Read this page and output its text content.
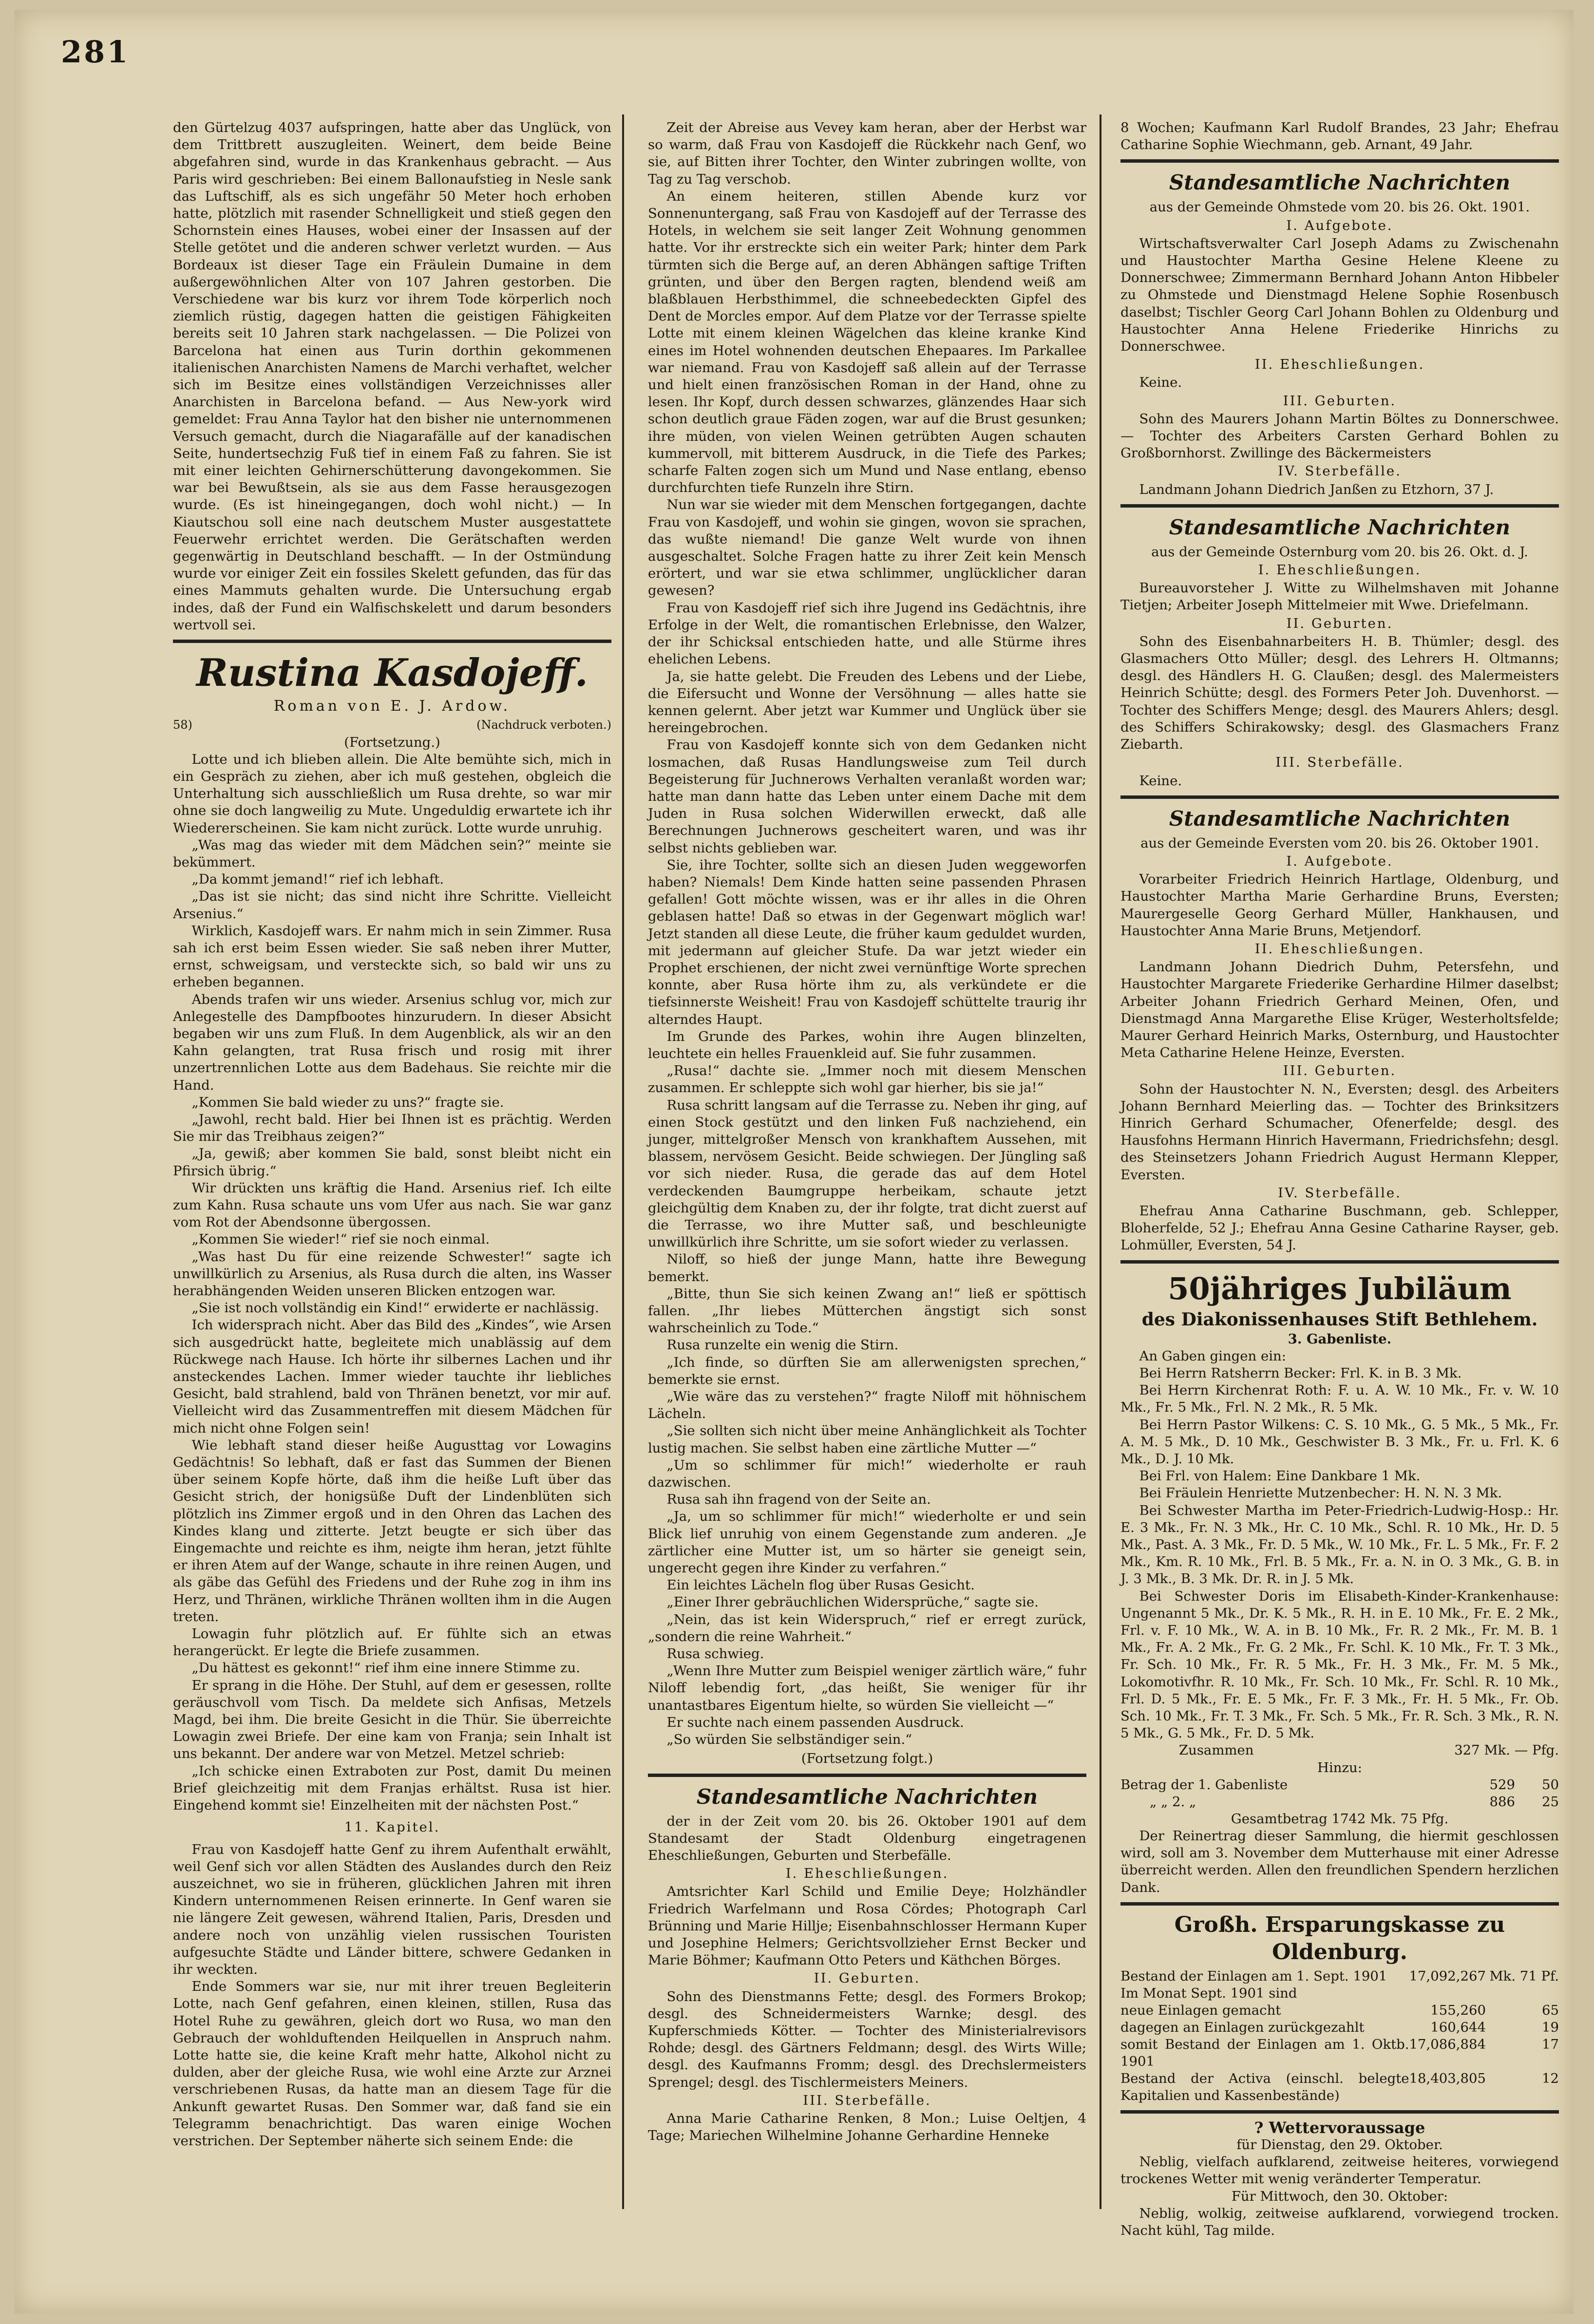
281

den Gürtelzug 4037 aufspringen, hatte aber das Unglück, von dem Trittbrett auszugleiten. Weinert, dem beide Beine abgefahren sind, wurde in das Krankenhaus gebracht. — Aus Paris wird geschrieben: Bei einem Ballonaufstieg in Nesle sank das Luftschiff, als es sich ungefähr 50 Meter hoch erhoben hatte, plötzlich mit rasender Schnelligkeit und stieß gegen den Schornstein eines Hauses, wobei einer der Insassen auf der Stelle getötet und die anderen schwer verletzt wurden. — Aus Bordeaux ist dieser Tage ein Fräulein Dumaine in dem außergewöhnlichen Alter von 107 Jahren gestorben. Die Verschiedene war bis kurz vor ihrem Tode körperlich noch ziemlich rüstig, dagegen hatten die geistigen Fähigkeiten bereits seit 10 Jahren stark nachgelassen. — Die Polizei von Barcelona hat einen aus Turin dorthin gekommenen italienischen Anarchisten Namens de Marchi verhaftet, welcher sich im Besitze eines vollständigen Verzeichnisses aller Anarchisten in Barcelona befand. — Aus New-york wird gemeldet: Frau Anna Taylor hat den bisher nie unternommenen Versuch gemacht, durch die Niagarafälle auf der kanadischen Seite, hundertsechzig Fuß tief in einem Faß zu fahren. Sie ist mit einer leichten Gehirnerschütterung davongekommen. Sie war bei Bewußtsein, als sie aus dem Fasse herausgezogen wurde. (Es ist hineingegangen, doch wohl nicht.) — In Kiautschou soll eine nach deutschem Muster ausgestattete Feuerwehr errichtet werden. Die Gerätschaften werden gegenwärtig in Deutschland beschafft. — In der Ostmündung wurde vor einiger Zeit ein fossiles Skelett gefunden, das für das eines Mammuts gehalten wurde. Die Untersuchung ergab indes, daß der Fund ein Walfischskelett und darum besonders wertvoll sei.

Rustina Kasdojeff.

Roman von E. J. Ardow.

58)	(Nachdruck verboten.)

(Fortsetzung.)

Lotte und ich blieben allein. Die Alte bemühte sich, mich in ein Gespräch zu ziehen, aber ich muß gestehen, obgleich die Unterhaltung sich ausschließlich um Rusa drehte, so war mir ohne sie doch langweilig zu Mute. Ungeduldig erwartete ich ihr Wiedererscheinen. Sie kam nicht zurück. Lotte wurde unruhig.

„Was mag das wieder mit dem Mädchen sein?“ meinte sie bekümmert.

„Da kommt jemand!“ rief ich lebhaft.

„Das ist sie nicht; das sind nicht ihre Schritte. Vielleicht Arsenius.“

Wirklich, Kasdojeff wars. Er nahm mich in sein Zimmer. Rusa sah ich erst beim Essen wieder. Sie saß neben ihrer Mutter, ernst, schweigsam, und versteckte sich, so bald wir uns zu erheben begannen.

Abends trafen wir uns wieder. Arsenius schlug vor, mich zur Anlegestelle des Dampfbootes hinzurudern. In dieser Absicht begaben wir uns zum Fluß. In dem Augenblick, als wir an den Kahn gelangten, trat Rusa frisch und rosig mit ihrer unzertrennlichen Lotte aus dem Badehaus. Sie reichte mir die Hand.

„Kommen Sie bald wieder zu uns?“ fragte sie.

„Jawohl, recht bald. Hier bei Ihnen ist es prächtig. Werden Sie mir das Treibhaus zeigen?“

„Ja, gewiß; aber kommen Sie bald, sonst bleibt nicht ein Pfirsich übrig.“

Wir drückten uns kräftig die Hand. Arsenius rief. Ich eilte zum Kahn. Rusa schaute uns vom Ufer aus nach. Sie war ganz vom Rot der Abendsonne übergossen.

„Kommen Sie wieder!“ rief sie noch einmal.

„Was hast Du für eine reizende Schwester!“ sagte ich unwillkürlich zu Arsenius, als Rusa durch die alten, ins Wasser herabhängenden Weiden unseren Blicken entzogen war.

„Sie ist noch vollständig ein Kind!“ erwiderte er nachlässig.

Ich widersprach nicht. Aber das Bild des „Kindes“, wie Arsen sich ausgedrückt hatte, begleitete mich unablässig auf dem Rückwege nach Hause. Ich hörte ihr silbernes Lachen und ihr ansteckendes Lachen. Immer wieder tauchte ihr liebliches Gesicht, bald strahlend, bald von Thränen benetzt, vor mir auf. Vielleicht wird das Zusammentreffen mit diesem Mädchen für mich nicht ohne Folgen sein!

Wie lebhaft stand dieser heiße Augusttag vor Lowagins Gedächtnis! So lebhaft, daß er fast das Summen der Bienen über seinem Kopfe hörte, daß ihm die heiße Luft über das Gesicht strich, der honigsüße Duft der Lindenblüten sich plötzlich ins Zimmer ergoß und in den Ohren das Lachen des Kindes klang und zitterte. Jetzt beugte er sich über das Eingemachte und reichte es ihm, neigte ihm heran, jetzt fühlte er ihren Atem auf der Wange, schaute in ihre reinen Augen, und als gäbe das Gefühl des Friedens und der Ruhe zog in ihm ins Herz, und Thränen, wirkliche Thränen wollten ihm in die Augen treten.

Lowagin fuhr plötzlich auf. Er fühlte sich an etwas herangerückt. Er legte die Briefe zusammen.

„Du hättest es gekonnt!“ rief ihm eine innere Stimme zu.

Er sprang in die Höhe. Der Stuhl, auf dem er gesessen, rollte geräuschvoll vom Tisch. Da meldete sich Anfisas, Metzels Magd, bei ihm. Die breite Gesicht in die Thür. Sie überreichte Lowagin zwei Briefe. Der eine kam von Franja; sein Inhalt ist uns bekannt. Der andere war von Metzel. Metzel schrieb:

„Ich schicke einen Extraboten zur Post, damit Du meinen Brief gleichzeitig mit dem Franjas erhältst. Rusa ist hier. Eingehend kommt sie! Einzelheiten mit der nächsten Post.“

11. Kapitel.

Frau von Kasdojeff hatte Genf zu ihrem Aufenthalt erwählt, weil Genf sich vor allen Städten des Auslandes durch den Reiz auszeichnet, wo sie in früheren, glücklichen Jahren mit ihren Kindern unternommenen Reisen erinnerte. In Genf waren sie nie längere Zeit gewesen, während Italien, Paris, Dresden und andere noch von unzählig vielen russischen Touristen aufgesuchte Städte und Länder bittere, schwere Gedanken in ihr weckten.

Ende Sommers war sie, nur mit ihrer treuen Begleiterin Lotte, nach Genf gefahren, einen kleinen, stillen, Rusa das Hotel Ruhe zu gewähren, gleich dort wo Rusa, wo man den Gebrauch der wohlduftenden Heilquellen in Anspruch nahm. Lotte hatte sie, die keine Kraft mehr hatte, Alkohol nicht zu dulden, aber der gleiche Rusa, wie wohl eine Arzte zur Arznei verschriebenen Rusas, da hatte man an diesem Tage für die Ankunft gewartet Rusas. Den Sommer war, daß fand sie ein Telegramm benachrichtigt. Das waren einige Wochen verstrichen. Der September näherte sich seinem Ende: die

Zeit der Abreise aus Vevey kam heran, aber der Herbst war so warm, daß Frau von Kasdojeff die Rückkehr nach Genf, wo sie, auf Bitten ihrer Tochter, den Winter zubringen wollte, von Tag zu Tag verschob.

An einem heiteren, stillen Abende kurz vor Sonnenuntergang, saß Frau von Kasdojeff auf der Terrasse des Hotels, in welchem sie seit langer Zeit Wohnung genommen hatte. Vor ihr erstreckte sich ein weiter Park; hinter dem Park türmten sich die Berge auf, an deren Abhängen saftige Triften grünten, und über den Bergen ragten, blendend weiß am blaßblauen Herbsthimmel, die schneebedeckten Gipfel des Dent de Morcles empor. Auf dem Platze vor der Terrasse spielte Lotte mit einem kleinen Wägelchen das kleine kranke Kind eines im Hotel wohnenden deutschen Ehepaares. Im Parkallee war niemand. Frau von Kasdojeff saß allein auf der Terrasse und hielt einen französischen Roman in der Hand, ohne zu lesen. Ihr Kopf, durch dessen schwarzes, glänzendes Haar sich schon deutlich graue Fäden zogen, war auf die Brust gesunken; ihre müden, von vielen Weinen getrübten Augen schauten kummervoll, mit bitterem Ausdruck, in die Tiefe des Parkes; scharfe Falten zogen sich um Mund und Nase entlang, ebenso durchfurchten tiefe Runzeln ihre Stirn.

Nun war sie wieder mit dem Menschen fortgegangen, dachte Frau von Kasdojeff, und wohin sie gingen, wovon sie sprachen, das wußte niemand! Die ganze Welt wurde von ihnen ausgeschaltet. Solche Fragen hatte zu ihrer Zeit kein Mensch erörtert, und war sie etwa schlimmer, unglücklicher daran gewesen?

Frau von Kasdojeff rief sich ihre Jugend ins Gedächtnis, ihre Erfolge in der Welt, die romantischen Erlebnisse, den Walzer, der ihr Schicksal entschieden hatte, und alle Stürme ihres ehelichen Lebens.

Ja, sie hatte gelebt. Die Freuden des Lebens und der Liebe, die Eifersucht und Wonne der Versöhnung — alles hatte sie kennen gelernt. Aber jetzt war Kummer und Unglück über sie hereingebrochen.

Frau von Kasdojeff konnte sich von dem Gedanken nicht losmachen, daß Rusas Handlungsweise zum Teil durch Begeisterung für Juchnerows Verhalten veranlaßt worden war; hatte man dann hatte das Leben unter einem Dache mit dem Juden in Rusa solchen Widerwillen erweckt, daß alle Berechnungen Juchnerows gescheitert waren, und was ihr selbst nichts geblieben war.

Sie, ihre Tochter, sollte sich an diesen Juden weggeworfen haben? Niemals! Dem Kinde hatten seine passenden Phrasen gefallen! Gott möchte wissen, was er ihr alles in die Ohren geblasen hatte! Daß so etwas in der Gegenwart möglich war! Jetzt standen all diese Leute, die früher kaum geduldet wurden, mit jedermann auf gleicher Stufe. Da war jetzt wieder ein Prophet erschienen, der nicht zwei vernünftige Worte sprechen konnte, aber Rusa hörte ihm zu, als verkündete er die tiefsinnerste Weisheit! Frau von Kasdojeff schüttelte traurig ihr alterndes Haupt.

Im Grunde des Parkes, wohin ihre Augen blinzelten, leuchtete ein helles Frauenkleid auf. Sie fuhr zusammen.

„Rusa!“ dachte sie. „Immer noch mit diesem Menschen zusammen. Er schleppte sich wohl gar hierher, bis sie ja!“

Rusa schritt langsam auf die Terrasse zu. Neben ihr ging, auf einen Stock gestützt und den linken Fuß nachziehend, ein junger, mittelgroßer Mensch von krankhaftem Aussehen, mit blassem, nervösem Gesicht. Beide schwiegen. Der Jüngling saß vor sich nieder. Rusa, die gerade das auf dem Hotel verdeckenden Baumgruppe herbeikam, schaute jetzt gleichgültig dem Knaben zu, der ihr folgte, trat dicht zuerst auf die Terrasse, wo ihre Mutter saß, und beschleunigte unwillkürlich ihre Schritte, um sie sofort wieder zu verlassen.

Niloff, so hieß der junge Mann, hatte ihre Bewegung bemerkt.

„Bitte, thun Sie sich keinen Zwang an!“ ließ er spöttisch fallen. „Ihr liebes Mütterchen ängstigt sich sonst wahrscheinlich zu Tode.“

Rusa runzelte ein wenig die Stirn.

„Ich finde, so dürften Sie am allerwenigsten sprechen,“ bemerkte sie ernst.

„Wie wäre das zu verstehen?“ fragte Niloff mit höhnischem Lächeln.

„Sie sollten sich nicht über meine Anhänglichkeit als Tochter lustig machen. Sie selbst haben eine zärtliche Mutter —“

„Um so schlimmer für mich!“ wiederholte er rauh dazwischen.

Rusa sah ihn fragend von der Seite an.

„Ja, um so schlimmer für mich!“ wiederholte er und sein Blick lief unruhig von einem Gegenstande zum anderen. „Je zärtlicher eine Mutter ist, um so härter sie geneigt sein, ungerecht gegen ihre Kinder zu verfahren.“

Ein leichtes Lächeln flog über Rusas Gesicht.

„Einer Ihrer gebräuchlichen Widersprüche,“ sagte sie.

„Nein, das ist kein Widerspruch,“ rief er erregt zurück, „sondern die reine Wahrheit.“

Rusa schwieg.

„Wenn Ihre Mutter zum Beispiel weniger zärtlich wäre,“ fuhr Niloff lebendig fort, „das heißt, Sie weniger für ihr unantastbares Eigentum hielte, so würden Sie vielleicht —“

Er suchte nach einem passenden Ausdruck.

„So würden Sie selbständiger sein.“

(Fortsetzung folgt.)

Standesamtliche Nachrichten

der in der Zeit vom 20. bis 26. Oktober 1901 auf dem Standesamt der Stadt Oldenburg eingetragenen Eheschließungen, Geburten und Sterbefälle.

I. Eheschließungen.

Amtsrichter Karl Schild und Emilie Deye; Holzhändler Friedrich Warfelmann und Rosa Cördes; Photograph Carl Brünning und Marie Hillje; Eisenbahnschlosser Hermann Kuper und Josephine Helmers; Gerichtsvollzieher Ernst Becker und Marie Böhmer; Kaufmann Otto Peters und Käthchen Börges.

II. Geburten.

Sohn des Dienstmanns Fette; desgl. des Formers Brokop; desgl. des Schneidermeisters Warnke; desgl. des Kupferschmieds Kötter. — Tochter des Ministerialrevisors Rohde; desgl. des Gärtners Feldmann; desgl. des Wirts Wille; desgl. des Kaufmanns Fromm; desgl. des Drechslermeisters Sprengel; desgl. des Tischlermeisters Meiners.

III. Sterbefälle.

Anna Marie Catharine Renken, 8 Mon.; Luise Oeltjen, 4 Tage; Mariechen Wilhelmine Johanne Gerhardine Henneke

8 Wochen; Kaufmann Karl Rudolf Brandes, 23 Jahr; Ehefrau Catharine Sophie Wiechmann, geb. Arnant, 49 Jahr.

Standesamtliche Nachrichten

aus der Gemeinde Ohmstede vom 20. bis 26. Okt. 1901.

I. Aufgebote.

Wirtschaftsverwalter Carl Joseph Adams zu Zwischenahn und Haustochter Martha Gesine Helene Kleene zu Donnerschwee; Zimmermann Bernhard Johann Anton Hibbeler zu Ohmstede und Dienstmagd Helene Sophie Rosenbusch daselbst; Tischler Georg Carl Johann Bohlen zu Oldenburg und Haustochter Anna Helene Friederike Hinrichs zu Donnerschwee.

II. Eheschließungen.

Keine.

III. Geburten.

Sohn des Maurers Johann Martin Böltes zu Donnerschwee. — Tochter des Arbeiters Carsten Gerhard Bohlen zu Großbornhorst. Zwillinge des Bäckermeisters

IV. Sterbefälle.

Landmann Johann Diedrich Janßen zu Etzhorn, 37 J.

Standesamtliche Nachrichten

aus der Gemeinde Osternburg vom 20. bis 26. Okt. d. J.

I. Eheschließungen.

Bureauvorsteher J. Witte zu Wilhelmshaven mit Johanne Tietjen; Arbeiter Joseph Mittelmeier mit Wwe. Driefelmann.

II. Geburten.

Sohn des Eisenbahnarbeiters H. B. Thümler; desgl. des Glasmachers Otto Müller; desgl. des Lehrers H. Oltmanns; desgl. des Händlers H. G. Claußen; desgl. des Malermeisters Heinrich Schütte; desgl. des Formers Peter Joh. Duvenhorst. — Tochter des Schiffers Menge; desgl. des Maurers Ahlers; desgl. des Schiffers Schirakowsky; desgl. des Glasmachers Franz Ziebarth.

III. Sterbefälle.

Keine.

Standesamtliche Nachrichten

aus der Gemeinde Eversten vom 20. bis 26. Oktober 1901.

I. Aufgebote.

Vorarbeiter Friedrich Heinrich Hartlage, Oldenburg, und Haustochter Martha Marie Gerhardine Bruns, Eversten; Maurergeselle Georg Gerhard Müller, Hankhausen, und Haustochter Anna Marie Bruns, Metjendorf.

II. Eheschließungen.

Landmann Johann Diedrich Duhm, Petersfehn, und Haustochter Margarete Friederike Gerhardine Hilmer daselbst; Arbeiter Johann Friedrich Gerhard Meinen, Ofen, und Dienstmagd Anna Margarethe Elise Krüger, Westerholtsfelde; Maurer Gerhard Heinrich Marks, Osternburg, und Haustochter Meta Catharine Helene Heinze, Eversten.

III. Geburten.

Sohn der Haustochter N. N., Eversten; desgl. des Arbeiters Johann Bernhard Meierling das. — Tochter des Brinksitzers Hinrich Gerhard Schumacher, Ofenerfelde; desgl. des Hausfohns Hermann Hinrich Havermann, Friedrichsfehn; desgl. des Steinsetzers Johann Friedrich August Hermann Klepper, Eversten.

IV. Sterbefälle.

Ehefrau Anna Catharine Buschmann, geb. Schlepper, Bloherfelde, 52 J.; Ehefrau Anna Gesine Catharine Rayser, geb. Lohmüller, Eversten, 54 J.

50jähriges Jubiläum
des Diakonissenhauses Stift Bethlehem.

3. Gabenliste.

An Gaben gingen ein:

Bei Herrn Ratsherrn Becker: Frl. K. in B. 3 Mk.

Bei Herrn Kirchenrat Roth: F. u. A. W. 10 Mk., Fr. v. W. 10 Mk., Fr. 5 Mk., Frl. N. 2 Mk., R. 5 Mk.

Bei Herrn Pastor Wilkens: C. S. 10 Mk., G. 5 Mk., 5 Mk., Fr. A. M. 5 Mk., D. 10 Mk., Geschwister B. 3 Mk., Fr. u. Frl. K. 6 Mk., D. J. 10 Mk.

Bei Frl. von Halem: Eine Dankbare 1 Mk.

Bei Fräulein Henriette Mutzenbecher: H. N. N. 3 Mk.

Bei Schwester Martha im Peter-Friedrich-Ludwig-Hosp.: Hr. E. 3 Mk., Fr. N. 3 Mk., Hr. C. 10 Mk., Schl. R. 10 Mk., Hr. D. 5 Mk., Past. A. 3 Mk., Fr. D. 5 Mk., W. 10 Mk., Fr. L. 5 Mk., Fr. F. 2 Mk., Km. R. 10 Mk., Frl. B. 5 Mk., Fr. a. N. in O. 3 Mk., G. B. in J. 3 Mk., B. 3 Mk. Dr. R. in J. 5 Mk.

Bei Schwester Doris im Elisabeth-Kinder-Krankenhause: Ungenannt 5 Mk., Dr. K. 5 Mk., R. H. in E. 10 Mk., Fr. E. 2 Mk., Frl. v. F. 10 Mk., W. A. in B. 10 Mk., Fr. R. 2 Mk., Fr. M. B. 1 Mk., Fr. A. 2 Mk., Fr. G. 2 Mk., Fr. Schl. K. 10 Mk., Fr. T. 3 Mk., Fr. Sch. 10 Mk., Fr. R. 5 Mk., Fr. H. 3 Mk., Fr. M. 5 Mk., Lokomotivfhr. R. 10 Mk., Fr. Sch. 10 Mk., Fr. Schl. R. 10 Mk., Frl. D. 5 Mk., Fr. E. 5 Mk., Fr. F. 3 Mk., Fr. H. 5 Mk., Fr. Ob. Sch. 10 Mk., Fr. T. 3 Mk., Fr. Sch. 5 Mk., Fr. R. Sch. 3 Mk., R. N. 5 Mk., G. 5 Mk., Fr. D. 5 Mk.

Zusammen	327 Mk. — Pfg.

Hinzu:

Betrag der 1. Gabenliste	529	50
„ „ 2. „	886	25

Gesamtbetrag 1742 Mk. 75 Pfg.

Der Reinertrag dieser Sammlung, die hiermit geschlossen wird, soll am 3. November dem Mutterhause mit einer Adresse überreicht werden. Allen den freundlichen Spendern herzlichen Dank.

Großh. Ersparungskasse zu Oldenburg.
Bestand der Einlagen am 1. Sept. 1901	17,092,267	Mk. 71 Pf.
Im Monat Sept. 1901 sind		
neue Einlagen gemacht	155,260	65
dagegen an Einlagen zurückgezahlt	160,644	19
somit Bestand der Einlagen am 1. Oktb. 1901	17,086,884	17
Bestand der Activa (einschl. belegte Kapitalien und Kassenbestände)	18,403,805	12

? Wettervoraussage

für Dienstag, den 29. Oktober.

Neblig, vielfach aufklarend, zeitweise heiteres, vorwiegend trockenes Wetter mit wenig veränderter Temperatur.

Für Mittwoch, den 30. Oktober:

Neblig, wolkig, zeitweise aufklarend, vorwiegend trocken. Nacht kühl, Tag milde.
